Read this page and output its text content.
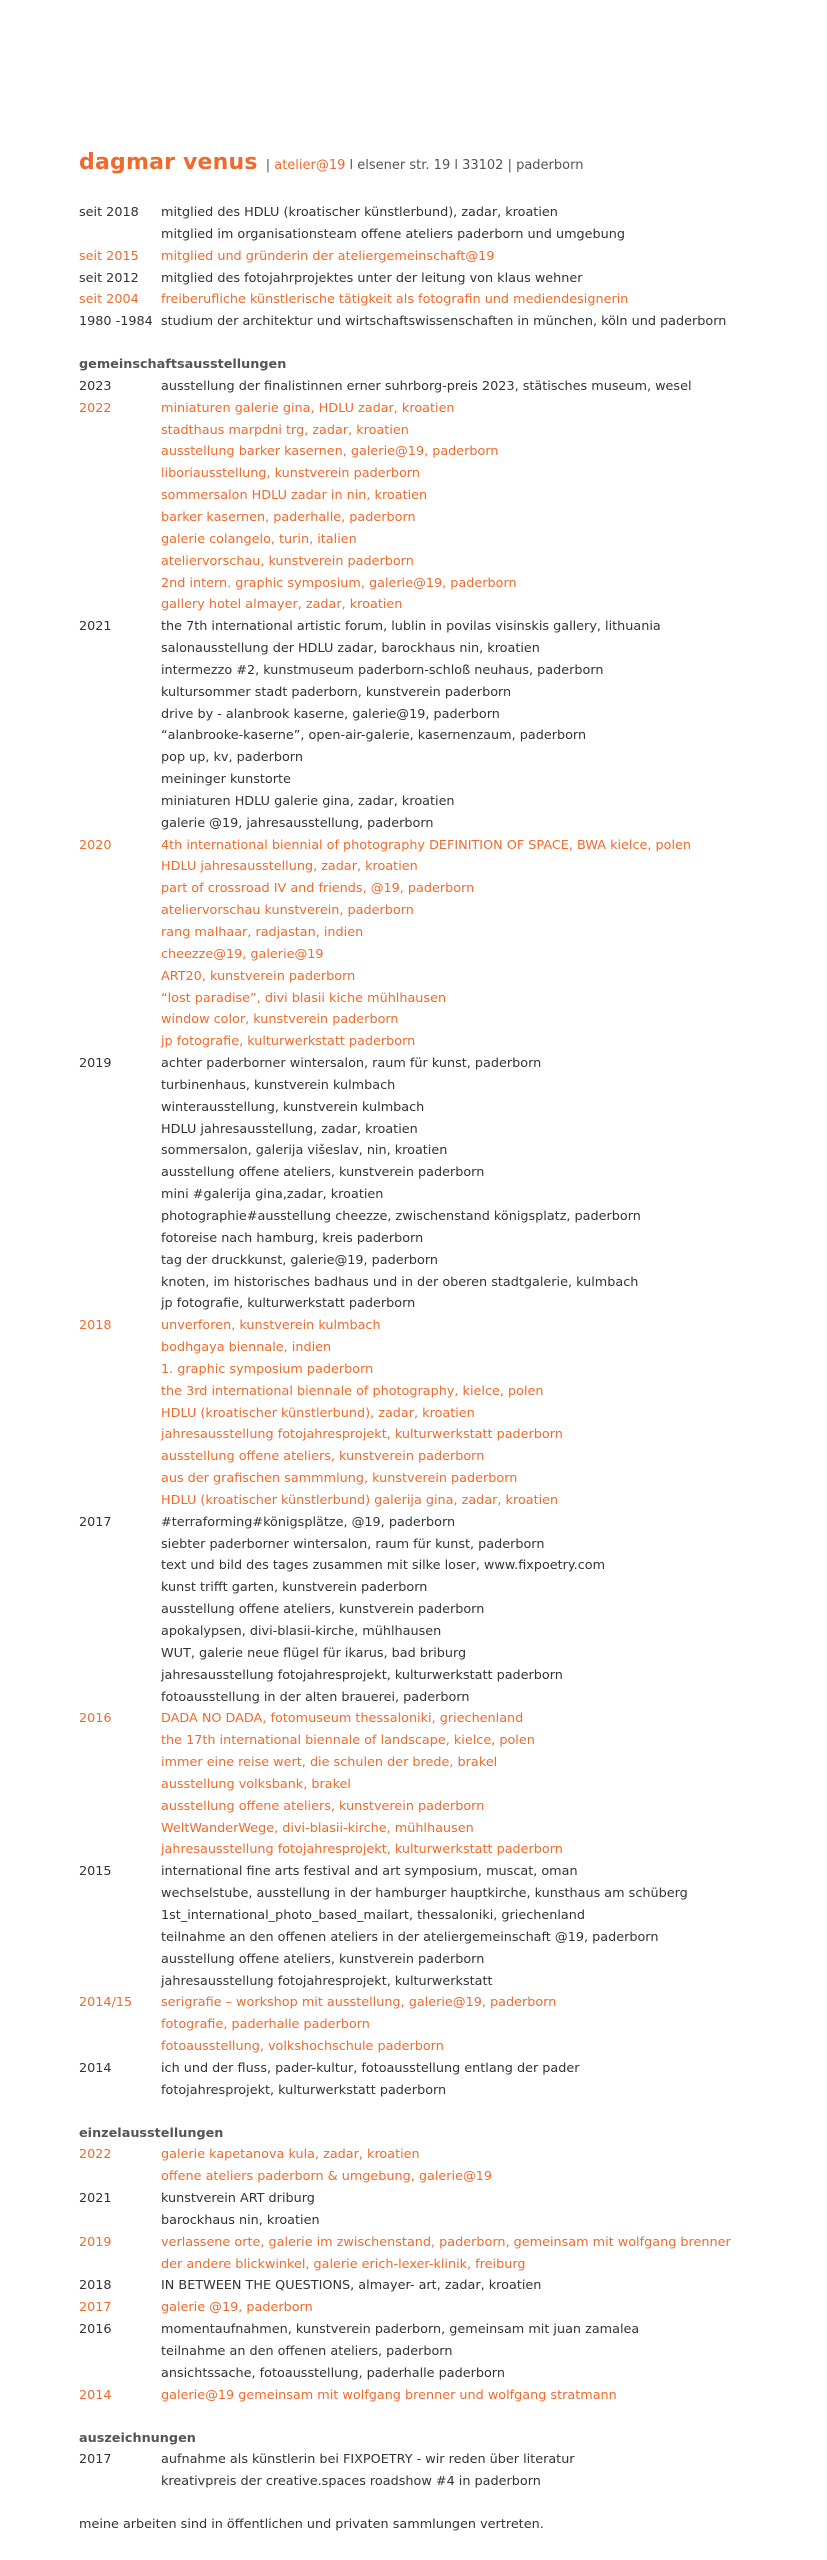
dagmar venus | atelier@19 l elsener str. 19 l 33102 | paderborn
seit 2018	mitglied des HDLU (kroatischer künstlerbund), zadar, kroatien
mitglied im organisationsteam offene ateliers paderborn und umgebung
seit 2015	mitglied und gründerin der ateliergemeinschaft@19
seit 2012	mitglied des fotojahrprojektes unter der leitung von klaus wehner
seit 2004	freiberufliche künstlerische tätigkeit als fotografin und mediendesignerin
1980 -1984 studium der architektur und wirtschaftswissenschaften in münchen, köln und paderborn
gemeinschaftsausstellungen
2023	ausstellung der finalistinnen erner suhrborg-preis 2023, stätisches museum, wesel
2022	miniaturen galerie gina, HDLU zadar, kroatien
stadthaus marpdni trg, zadar, kroatien
ausstellung barker kasernen, galerie@19, paderborn
liboriausstellung, kunstverein paderborn
sommersalon HDLU zadar in nin, kroatien
barker kasernen, paderhalle, paderborn
galerie colangelo, turin, italien
ateliervorschau, kunstverein paderborn
2nd intern. graphic symposium, galerie@19, paderborn
gallery hotel almayer, zadar, kroatien
2021	the 7th international artistic forum, lublin in povilas visinskis gallery, lithuania
salonausstellung der HDLU zadar, barockhaus nin, kroatien
intermezzo #2, kunstmuseum paderborn-schloß neuhaus, paderborn
kultursommer stadt paderborn, kunstverein paderborn
drive by - alanbrook kaserne, galerie@19, paderborn
“alanbrooke-kaserne”, open-air-galerie, kasernenzaum, paderborn
pop up, kv, paderborn
meininger kunstorte
miniaturen HDLU galerie gina, zadar, kroatien
galerie @19, jahresausstellung, paderborn
2020	4th international biennial of photography DEFINITION OF SPACE, BWA kielce, polen
HDLU jahresausstellung, zadar, kroatien
part of crossroad IV and friends, @19, paderborn
ateliervorschau kunstverein, paderborn
rang malhaar, radjastan, indien
cheezze@19, galerie@19
ART20, kunstverein paderborn
“lost paradise”, divi blasii kiche mühlhausen
window color, kunstverein paderborn
jp fotografie, kulturwerkstatt paderborn
2019	achter paderborner wintersalon, raum für kunst, paderborn
turbinenhaus, kunstverein kulmbach
winterausstellung, kunstverein kulmbach
HDLU jahresausstellung, zadar, kroatien
sommersalon, galerija višeslav, nin, kroatien
ausstellung offene ateliers, kunstverein paderborn
mini #galerija gina,zadar, kroatien
photographie#ausstellung cheezze, zwischenstand königsplatz, paderborn
fotoreise nach hamburg, kreis paderborn
tag der druckkunst, galerie@19, paderborn
knoten, im historisches badhaus und in der oberen stadtgalerie, kulmbach
jp fotografie, kulturwerkstatt paderborn
2018	unverforen, kunstverein kulmbach
bodhgaya biennale, indien
1. graphic symposium paderborn
the 3rd international biennale of photography, kielce, polen
HDLU (kroatischer künstlerbund), zadar, kroatien
jahresausstellung fotojahresprojekt, kulturwerkstatt paderborn
ausstellung offene ateliers, kunstverein paderborn
aus der grafischen sammmlung, kunstverein paderborn
HDLU (kroatischer künstlerbund) galerija gina, zadar, kroatien
2017	#terraforming#königsplätze, @19, paderborn
siebter paderborner wintersalon, raum für kunst, paderborn
text und bild des tages zusammen mit silke loser, www.fixpoetry.com
kunst trifft garten, kunstverein paderborn
ausstellung offene ateliers, kunstverein paderborn
apokalypsen, divi-blasii-kirche, mühlhausen
WUT, galerie neue flügel für ikarus, bad briburg
jahresausstellung fotojahresprojekt, kulturwerkstatt paderborn
fotoausstellung in der alten brauerei, paderborn
2016	DADA NO DADA, fotomuseum thessaloniki, griechenland
the 17th international biennale of landscape, kielce, polen
immer eine reise wert, die schulen der brede, brakel
ausstellung volksbank, brakel
ausstellung offene ateliers, kunstverein paderborn
WeltWanderWege, divi-blasii-kirche, mühlhausen
jahresausstellung fotojahresprojekt, kulturwerkstatt paderborn
2015	international fine arts festival and art symposium, muscat, oman
wechselstube, ausstellung in der hamburger hauptkirche, kunsthaus am schüberg
1st_international_photo_based_mailart, thessaloniki, griechenland
teilnahme an den offenen ateliers in der ateliergemeinschaft @19, paderborn
ausstellung offene ateliers, kunstverein paderborn
jahresausstellung fotojahresprojekt, kulturwerkstatt
2014/15	serigrafie – workshop mit ausstellung, galerie@19, paderborn
fotografie, paderhalle paderborn
fotoausstellung, volkshochschule paderborn
2014	ich und der fluss, pader-kultur, fotoausstellung entlang der pader
fotojahresprojekt, kulturwerkstatt paderborn
einzelausstellungen
2022	galerie kapetanova kula, zadar, kroatien
offene ateliers paderborn & umgebung, galerie@19
2021	kunstverein ART driburg
barockhaus nin, kroatien
2019	verlassene orte, galerie im zwischenstand, paderborn, gemeinsam mit wolfgang brenner
der andere blickwinkel, galerie erich-lexer-klinik, freiburg
2018	IN BETWEEN THE QUESTIONS, almayer- art, zadar, kroatien
2017	galerie @19, paderborn
2016	momentaufnahmen, kunstverein paderborn, gemeinsam mit juan zamalea
teilnahme an den offenen ateliers, paderborn
ansichtssache, fotoausstellung, paderhalle paderborn
2014	galerie@19 gemeinsam mit wolfgang brenner und wolfgang stratmann
auszeichnungen
2017	aufnahme als künstlerin bei FIXPOETRY - wir reden über literatur
kreativpreis der creative.spaces roadshow #4 in paderborn
meine arbeiten sind in öffentlichen und privaten sammlungen vertreten.
